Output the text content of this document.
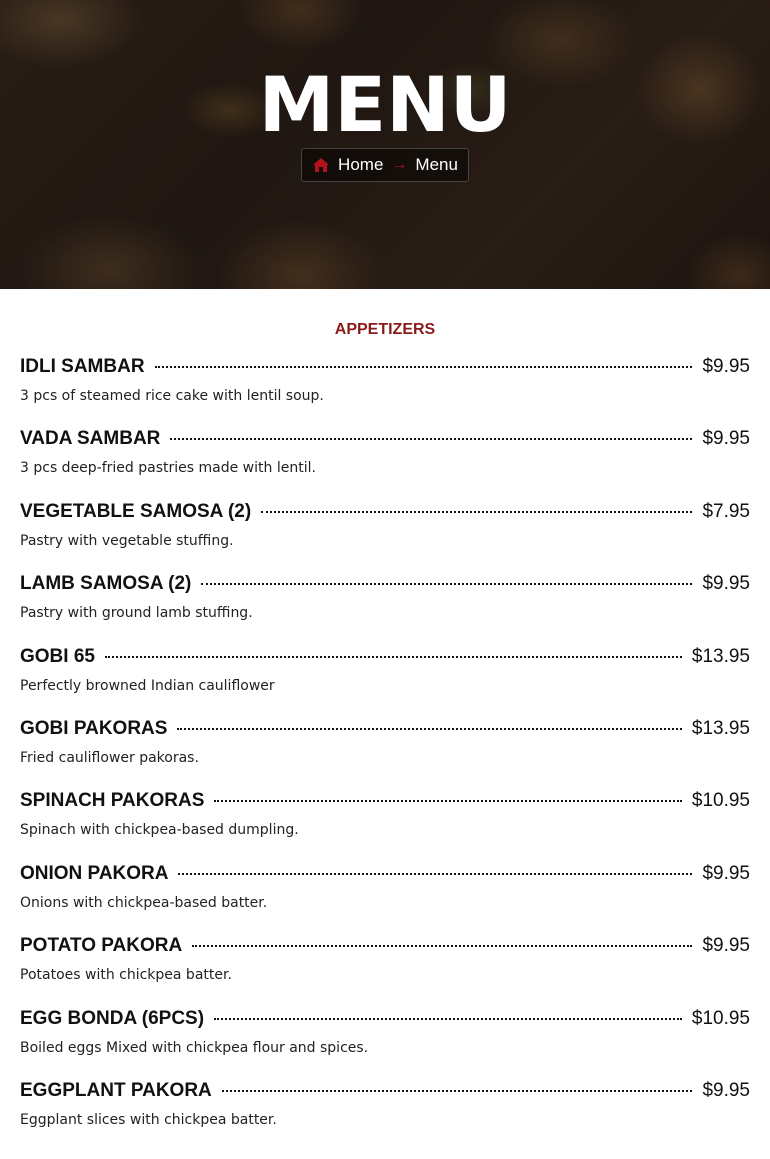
MENU
Home → Menu
APPETIZERS
IDLI SAMBAR	$9.95

3 pcs of steamed rice cake with lentil soup.

VADA SAMBAR	$9.95

3 pcs deep-fried pastries made with lentil.

VEGETABLE SAMOSA (2)	$7.95

Pastry with vegetable stuffing.

LAMB SAMOSA (2)	$9.95

Pastry with ground lamb stuffing.

GOBI 65	$13.95

Perfectly browned Indian cauliflower

GOBI PAKORAS	$13.95

Fried cauliflower pakoras.

SPINACH PAKORAS	$10.95

Spinach with chickpea-based dumpling.

ONION PAKORA	$9.95

Onions with chickpea-based batter.

POTATO PAKORA	$9.95

Potatoes with chickpea batter.

EGG BONDA (6PCS)	$10.95

Boiled eggs Mixed with chickpea flour and spices.

EGGPLANT PAKORA	$9.95

Eggplant slices with chickpea batter.
